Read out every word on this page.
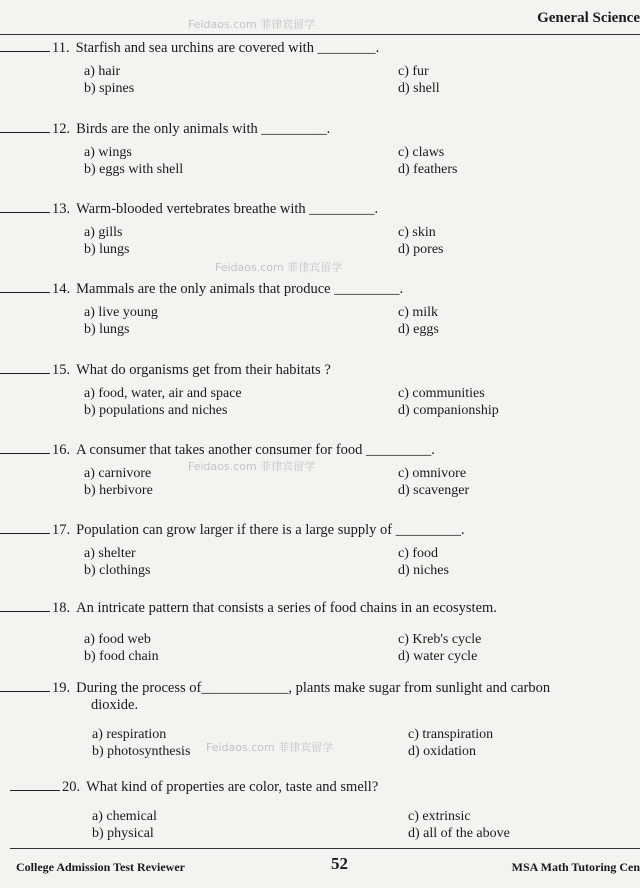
General Science
Feidaos.com 菲律宾留学
Feidaos.com 菲律宾留学
Feidaos.com 菲律宾留学
Feidaos.com 菲律宾留学
11. Starfish and sea urchins are covered with ________.
a) hair
b) spines
c) fur
d) shell
12. Birds are the only animals with _________.
a) wings
b) eggs with shell
c) claws
d) feathers
13. Warm-blooded vertebrates breathe with _________.
a) gills
b) lungs
c) skin
d) pores
14. Mammals are the only animals that produce _________.
a) live young
b) lungs
c) milk
d) eggs
15. What do organisms get from their habitats ?
a) food, water, air and space
b) populations and niches
c) communities
d) companionship
16. A consumer that takes another consumer for food _________.
a) carnivore
b) herbivore
c) omnivore
d) scavenger
17. Population can grow larger if there is a large supply of _________.
a) shelter
b) clothings
c) food
d) niches
18. An intricate pattern that consists a series of food chains in an ecosystem.
a) food web
b) food chain
c) Kreb's cycle
d) water cycle
19. During the process of____________, plants make sugar from sunlight and carbon
dioxide.
a) respiration
b) photosynthesis
c) transpiration
d) oxidation
20. What kind of properties are color, taste and smell?
a) chemical
b) physical
c) extrinsic
d) all of the above
College Admission Test Reviewer	52	MSA Math Tutoring Cen
